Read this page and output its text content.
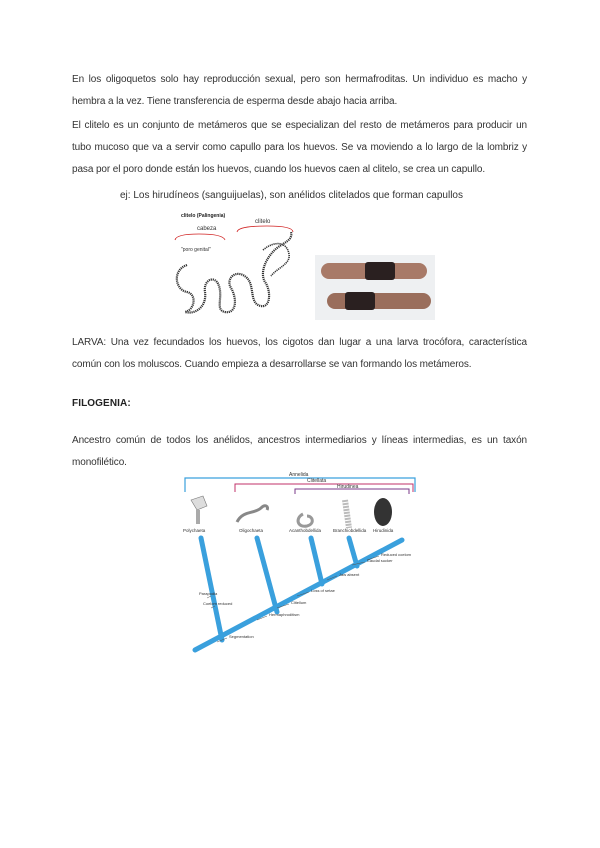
En los oligoquetos solo hay reproducción sexual, pero son hermafroditas. Un individuo es macho y hembra a la vez. Tiene transferencia de esperma desde abajo hacia arriba.

El clitelo es un conjunto de metámeros que se especializan del resto de metámeros para producir un tubo mucoso que va a servir como capullo para los huevos. Se va moviendo a lo largo de la lombriz y pasa por el poro donde están los huevos, cuando los huevos caen al clitelo, se crea un capullo.

ej: Los hirudíneos (sanguijuelas), son anélidos clitelados que forman capullos
clitelo (Palingenia)
clitelo
cabeza
"poro genital"

LARVA: Una vez fecundados los huevos, los cigotos dan lugar a una larva trocófora, característica común con los moluscos. Cuando empieza a desarrollarse se van formando los metámeros.

FILOGENIA:

Ancestro común de todos los anélidos, ancestros intermediarios y líneas intermedias, es un taxón monofilético.

Annelida
Clitellata
Hirudinea
Polychaeta	Oligochaeta	Acanthobdellida	Branchiobdellida Hirudinida
Parapodia
Coelom reduced
Reduced coelom
Caudal sucker
Jaw absent
Loss of setae
Clitellum
Hermaphroditism
Segmentation
